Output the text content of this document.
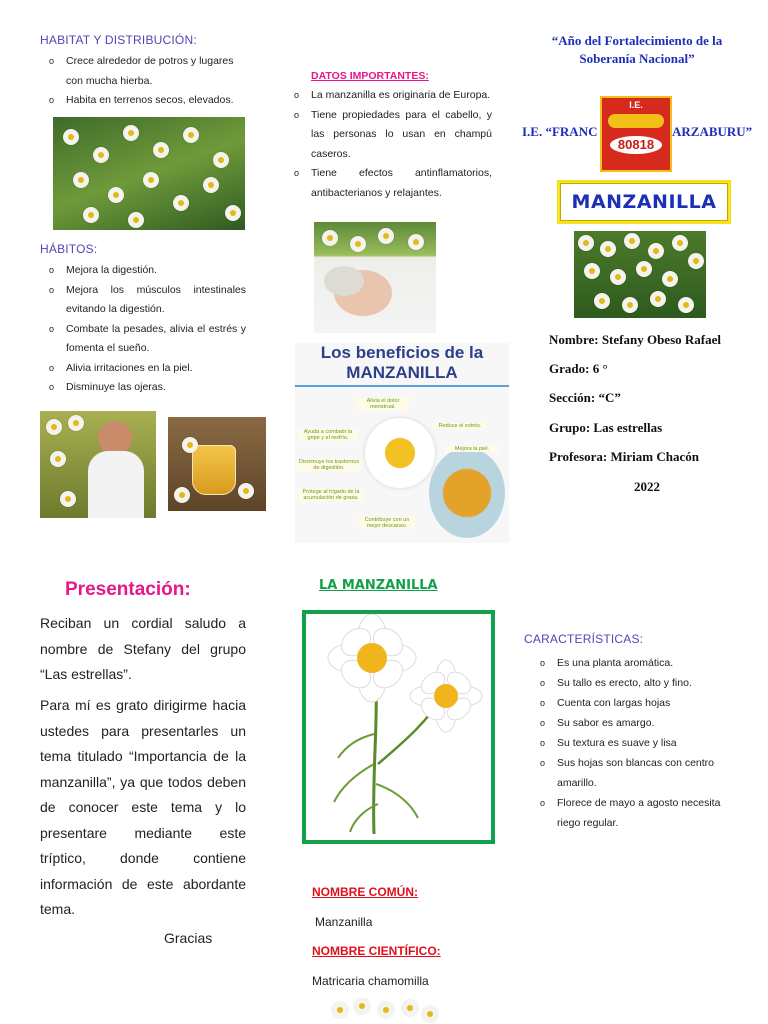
HABITAT Y DISTRIBUCIÓN:
o Crece alrededor de potros y lugares con mucha hierba.
o Habita en terrenos secos, elevados.
HÁBITOS:
o Mejora la digestión.
o Mejora los músculos intestinales evitando la digestión.
o Combate la pesades, alivia el estrés y fomenta el sueño.
o Alivia irritaciones en la piel.
o Disminuye las ojeras.
DATOS IMPORTANTES:
o La manzanilla es originaria de Europa.
o Tiene propiedades para el cabello, y las personas lo usan en champú caseros.
o Tiene efectos antinflamatorios, antibacterianos y relajantes.
Los beneficios de la
MANZANILLA
Alivia el dolor menstrual.
Reduce el estrés.
Ayuda a combatir la gripe y el resfrío.
Mejora la piel.
Disminuye los trastornos de digestión.
Protege al hígado de la acumulación de grasa.
Contribuye con un mejor descanso.
“Año del Fortalecimiento de la
Soberanía Nacional”
I.E. “FRANC	ARZABURU”
I.E.
80818
MANZANILLA
Nombre: Stefany Obeso Rafael
Grado: 6 °
Sección: “C”
Grupo: Las estrellas
Profesora: Miriam Chacón
2022
Presentación:
Reciban un cordial saludo a nombre de Stefany del grupo “Las estrellas”.
Para mí es grato dirigirme hacia ustedes para presentarles un tema titulado “Importancia de la manzanilla”, ya que todos deben de conocer este tema y lo presentare mediante este tríptico, donde contiene información de este abordante tema.
Gracias
LA MANZANILLA
NOMBRE COMÚN:
Manzanilla
NOMBRE CIENTÍFICO:
Matricaria chamomilla
CARACTERÍSTICAS:
o Es una planta aromática.
o Su tallo es erecto, alto y fino.
o Cuenta con largas hojas
o Su sabor es amargo.
o Su textura es suave y lisa
o Sus hojas son blancas con centro amarillo.
o Florece de mayo a agosto necesita riego regular.
